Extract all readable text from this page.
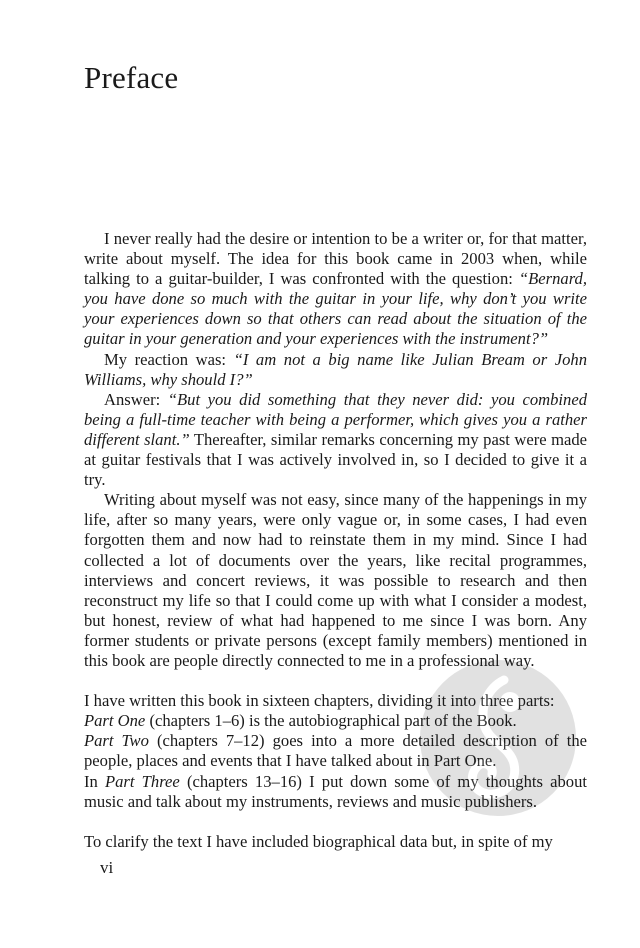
Preface

I never really had the desire or intention to be a writer or, for that matter, write about myself. The idea for this book came in 2003 when, while talking to a guitar-builder, I was confronted with the question: “Bernard, you have done so much with the guitar in your life, why don’t you write your experiences down so that others can read about the situation of the guitar in your generation and your experiences with the instrument?”

My reaction was: “I am not a big name like Julian Bream or John Williams, why should I?”

Answer: “But you did something that they never did: you combined being a full-time teacher with being a performer, which gives you a rather different slant.” Thereafter, similar remarks concerning my past were made at guitar festivals that I was actively involved in, so I decided to give it a try.

Writing about myself was not easy, since many of the happenings in my life, after so many years, were only vague or, in some cases, I had even forgotten them and now had to reinstate them in my mind. Since I had collected a lot of documents over the years, like recital programmes, interviews and concert reviews, it was possible to research and then reconstruct my life so that I could come up with what I consider a modest, but honest, review of what had happened to me since I was born. Any former students or private persons (except family members) mentioned in this book are people directly connected to me in a professional way.

I have written this book in sixteen chapters, dividing it into three parts:

Part One (chapters 1–6) is the autobiographical part of the Book.

Part Two (chapters 7–12) goes into a more detailed description of the people, places and events that I have talked about in Part One.

In Part Three (chapters 13–16) I put down some of my thoughts about music and talk about my instruments, reviews and music publishers.

To clarify the text I have included biographical data but, in spite of my

vi
